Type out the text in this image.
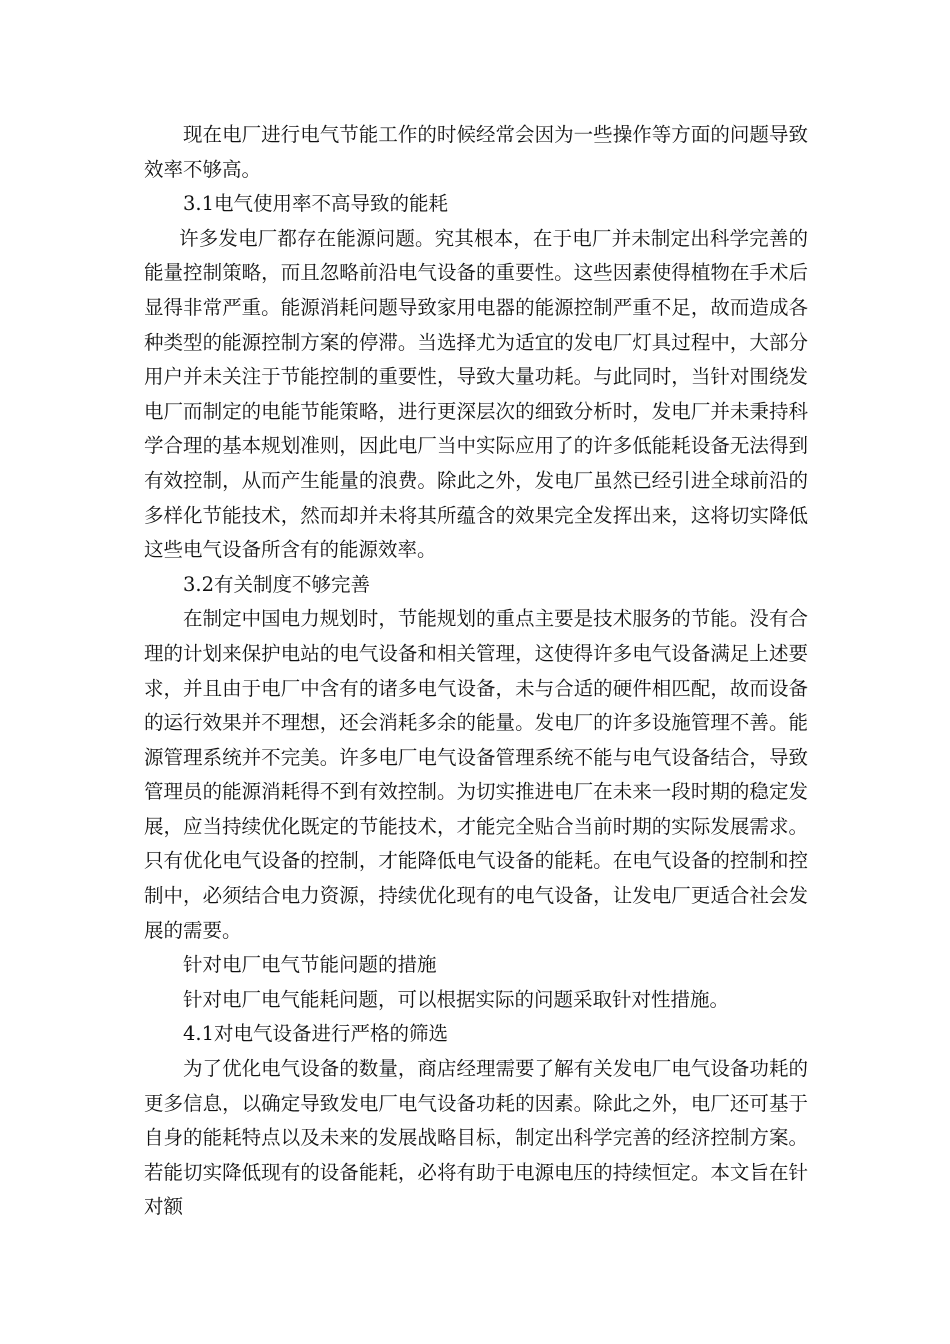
现在电厂进行电气节能工作的时候经常会因为一些操作等方面的问题导致效率不够高。

3.1电气使用率不高导致的能耗

许多发电厂都存在能源问题。究其根本，在于电厂并未制定出科学完善的能量控制策略，而且忽略前沿电气设备的重要性。这些因素使得植物在手术后显得非常严重。能源消耗问题导致家用电器的能源控制严重不足，故而造成各种类型的能源控制方案的停滞。当选择尤为适宜的发电厂灯具过程中，大部分用户并未关注于节能控制的重要性，导致大量功耗。与此同时，当针对围绕发电厂而制定的电能节能策略，进行更深层次的细致分析时，发电厂并未秉持科学合理的基本规划准则，因此电厂当中实际应用了的许多低能耗设备无法得到有效控制，从而产生能量的浪费。除此之外，发电厂虽然已经引进全球前沿的多样化节能技术，然而却并未将其所蕴含的效果完全发挥出来，这将切实降低这些电气设备所含有的能源效率。

3.2有关制度不够完善

在制定中国电力规划时，节能规划的重点主要是技术服务的节能。没有合理的计划来保护电站的电气设备和相关管理，这使得许多电气设备满足上述要求，并且由于电厂中含有的诸多电气设备，未与合适的硬件相匹配，故而设备的运行效果并不理想，还会消耗多余的能量。发电厂的许多设施管理不善。能源管理系统并不完美。许多电厂电气设备管理系统不能与电气设备结合，导致管理员的能源消耗得不到有效控制。为切实推进电厂在未来一段时期的稳定发展，应当持续优化既定的节能技术，才能完全贴合当前时期的实际发展需求。只有优化电气设备的控制，才能降低电气设备的能耗。在电气设备的控制和控制中，必须结合电力资源，持续优化现有的电气设备，让发电厂更适合社会发展的需要。

针对电厂电气节能问题的措施

针对电厂电气能耗问题，可以根据实际的问题采取针对性措施。

4.1对电气设备进行严格的筛选

为了优化电气设备的数量，商店经理需要了解有关发电厂电气设备功耗的更多信息，以确定导致发电厂电气设备功耗的因素。除此之外，电厂还可基于自身的能耗特点以及未来的发展战略目标，制定出科学完善的经济控制方案。若能切实降低现有的设备能耗，必将有助于电源电压的持续恒定。本文旨在针对额
